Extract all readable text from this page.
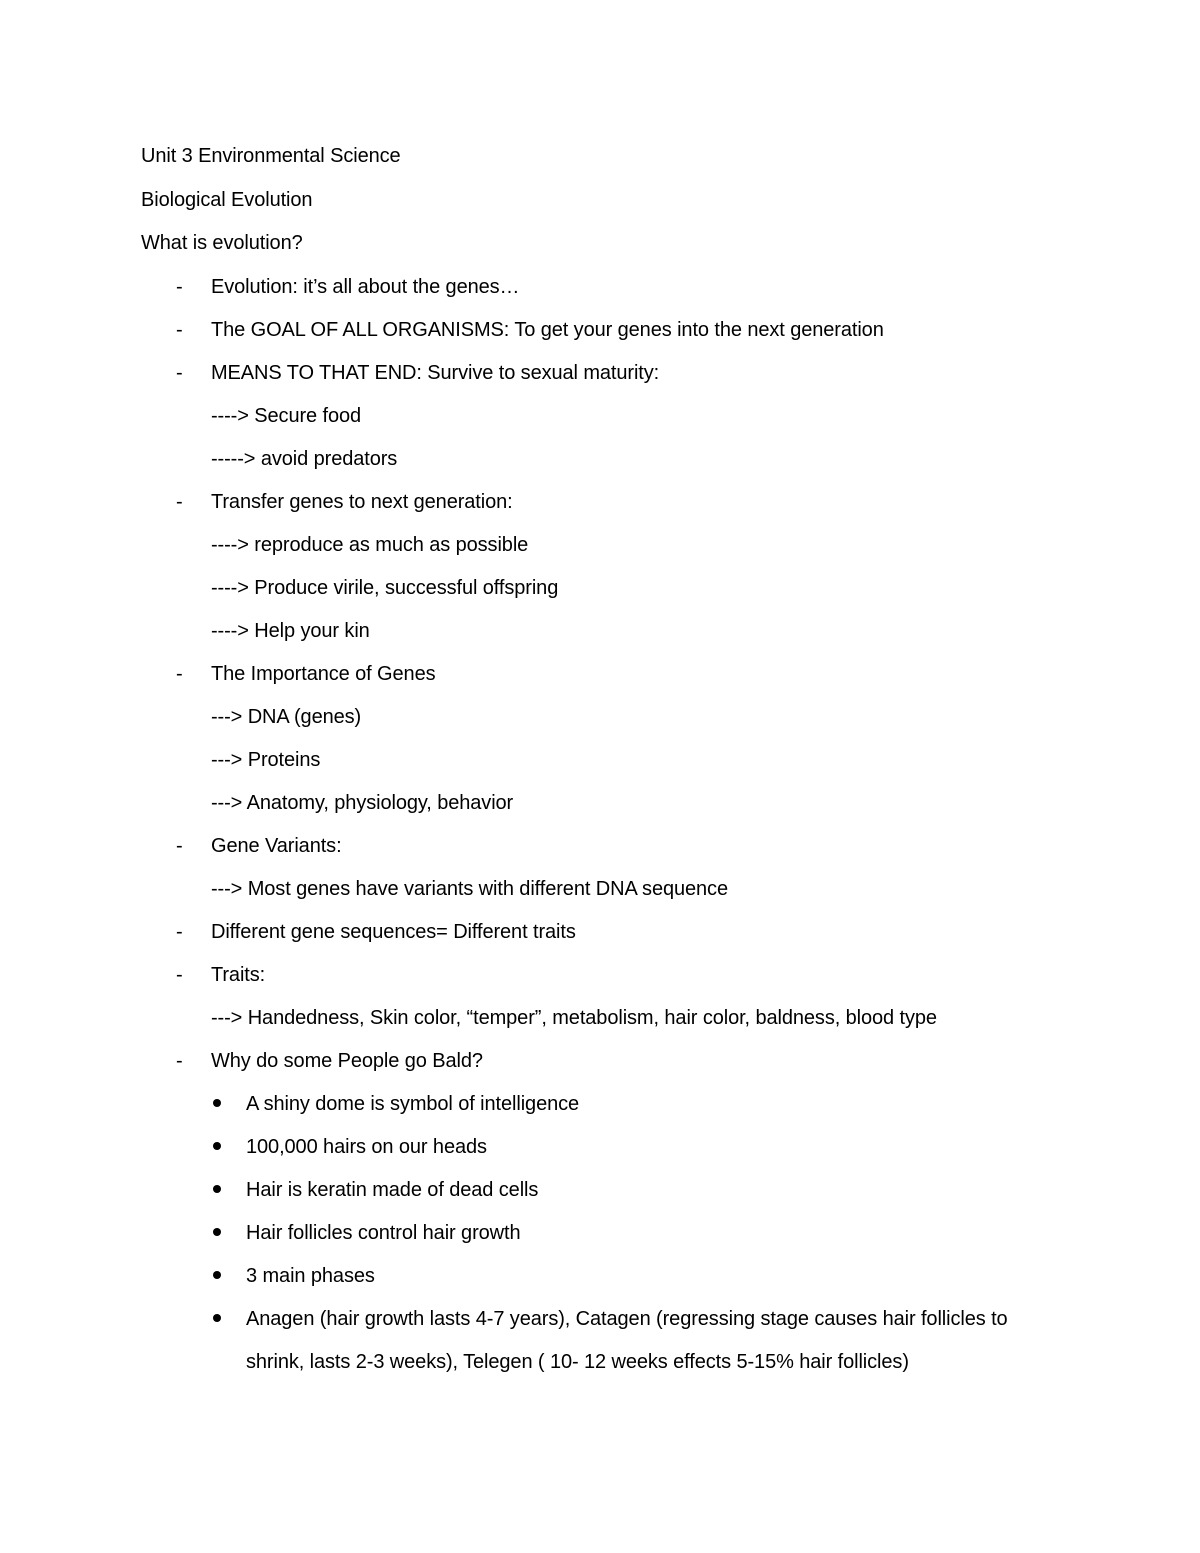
Unit 3 Environmental Science
Biological Evolution
What is evolution?
- Evolution: it’s all about the genes…
- The GOAL OF ALL ORGANISMS: To get your genes into the next generation
- MEANS TO THAT END: Survive to sexual maturity:
----> Secure food
-----> avoid predators
- Transfer genes to next generation:
----> reproduce as much as possible
----> Produce virile, successful offspring
----> Help your kin
- The Importance of Genes
---> DNA (genes)
---> Proteins
---> Anatomy, physiology, behavior
- Gene Variants:
---> Most genes have variants with different DNA sequence
- Different gene sequences= Different traits
- Traits:
---> Handedness, Skin color, “temper”, metabolism, hair color, baldness, blood type
- Why do some People go Bald?
A shiny dome is symbol of intelligence
100,000 hairs on our heads
Hair is keratin made of dead cells
Hair follicles control hair growth
3 main phases
Anagen (hair growth lasts 4-7 years), Catagen (regressing stage causes hair follicles to
shrink, lasts 2-3 weeks), Telegen ( 10- 12 weeks effects 5-15% hair follicles)
